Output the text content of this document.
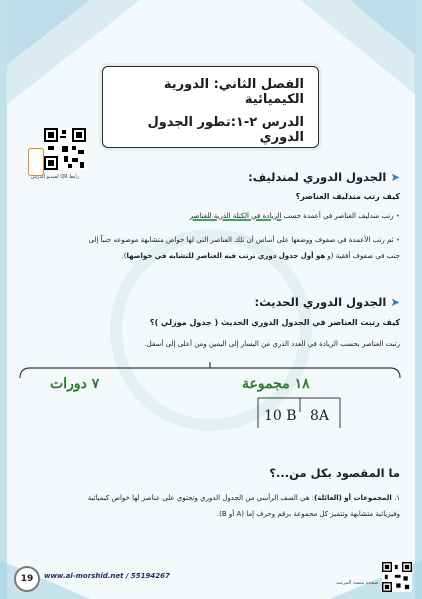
الفصل الثاني: الدورية الكيميائية
الدرس ٢-١:تطور الجدول الدوري
رابط QR لفيديو الدرس	➤الجدول الدوري لمندليف:
كيف رتب مندليف العناصر؟
• رتب مندليف العناصر في أعمدة حسب الزيادة في الكتلة الذرية للعناصر
• ثم رتب الأعمدة في صفوف ووضعها على أساس أن تلك العناصر التي لها خواص متشابهة موضوعه جنباً إلى
جنب في صفوف أفقية (و هو أول جدول دوري ترتب فيه العناصر للتشابه في خواصها).
➤الجدول الدوري الحديث:
كيف رتبت العناصر في الجدول الدوري الحديث ( جدول موزلي )؟
رتبت العناصر بحسب الزيادة في العدد الذري من اليسار إلى اليمين ومن أعلى إلى أسفل.
١٨ مجموعة
٧ دورات
10 B 8A
ما المقصود بكل من...؟
١. المجموعات أو (العائلة): هي الصف الرأسي من الجدول الدوري وتحتوي على عناصر لها خواص كيميائية
وفيزيائية متشابهة وتتميز كل مجموعة برقم وحرف إما (A أو B).
19	www.al-morshid.net / 55194267
صفحة منصة المرشد
